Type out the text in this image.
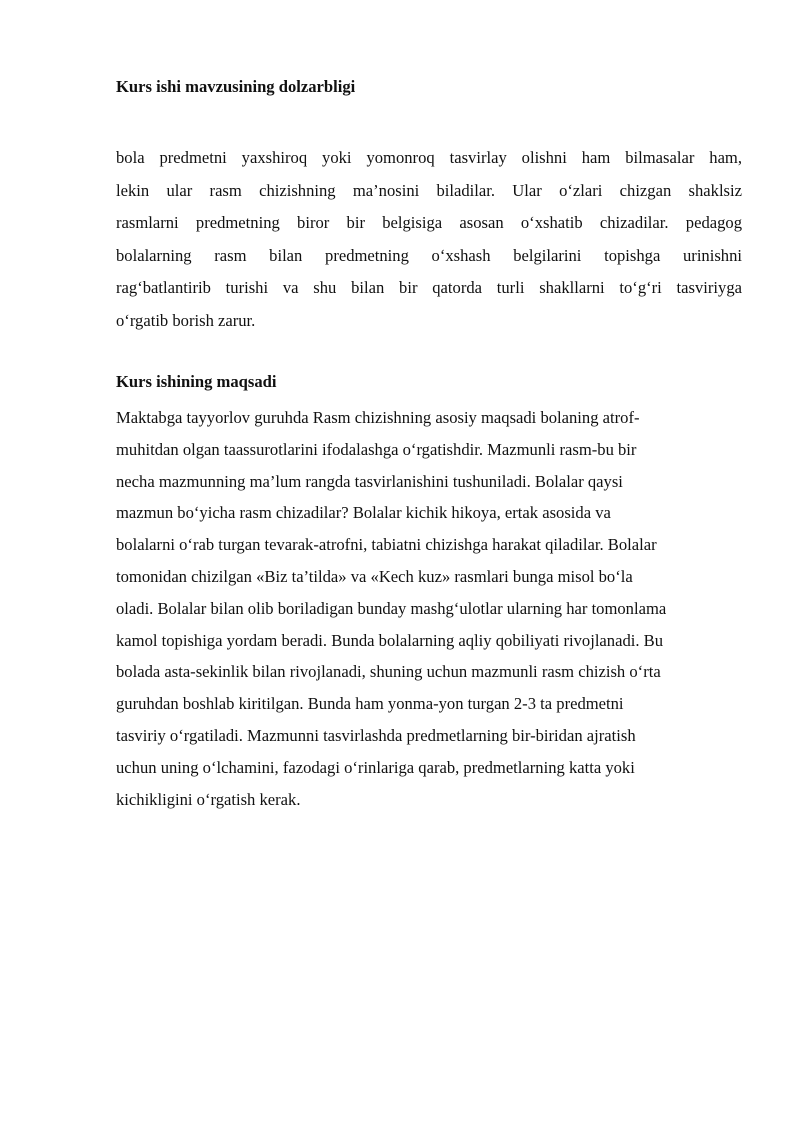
Kurs ishi mavzusining dolzarbligi
bola predmetni yaxshiroq yoki yomonroq tasvirlay olishni ham bilmasalar ham,
lekin ular rasm chizishning ma’nosini biladilar. Ular o‘zlari chizgan shaklsiz
rasmlarni predmetning biror bir belgisiga asosan o‘xshatib chizadilar. pedagog
bolalarning rasm bilan predmetning o‘xshash belgilarini topishga urinishni
rag‘batlantirib turishi va shu bilan bir qatorda turli shakllarni to‘g‘ri tasviriyga
o‘rgatib borish zarur.
Kurs ishining maqsadi
Maktabga tayyorlov guruhda Rasm chizishning asosiy maqsadi bolaning atrof-
muhitdan olgan taassurotlarini ifodalashga o‘rgatishdir. Mazmunli rasm-bu bir
necha mazmunning ma’lum rangda tasvirlanishini tushuniladi. Bolalar qaysi
mazmun bo‘yicha rasm chizadilar? Bolalar kichik hikoya, ertak asosida va
bolalarni o‘rab turgan tevarak-atrofni, tabiatni chizishga harakat qiladilar. Bolalar
tomonidan chizilgan «Biz ta’tilda» va «Kech kuz» rasmlari bunga misol bo‘la
oladi. Bolalar bilan olib boriladigan bunday mashg‘ulotlar ularning har tomonlama
kamol topishiga yordam beradi. Bunda bolalarning aqliy qobiliyati rivojlanadi. Bu
bolada asta-sekinlik bilan rivojlanadi, shuning uchun mazmunli rasm chizish o‘rta
guruhdan boshlab kiritilgan. Bunda ham yonma-yon turgan 2-3 ta predmetni
tasviriy o‘rgatiladi. Mazmunni tasvirlashda predmetlarning bir-biridan ajratish
uchun uning o‘lchamini, fazodagi o‘rinlariga qarab, predmetlarning katta yoki
kichikligini o‘rgatish kerak.
